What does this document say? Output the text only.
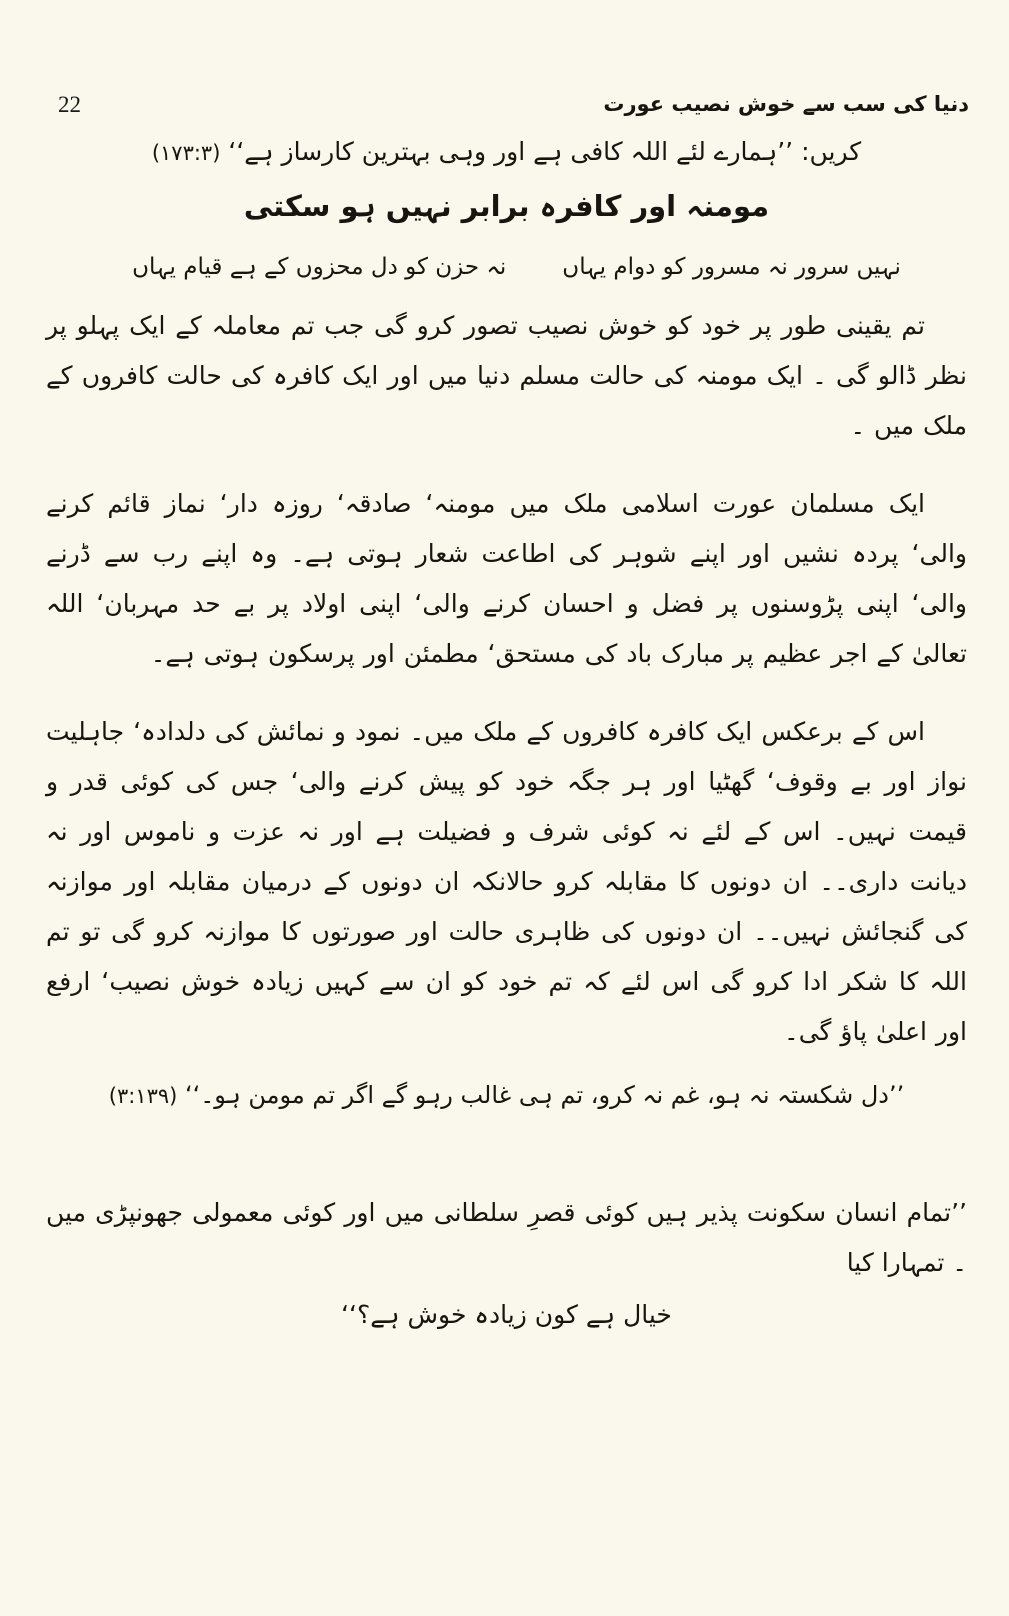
دنیا کی سب سے خوش نصیب عورت
22
کریں: ’’ہمارے لئے اللہ کافی ہے اور وہی بہترین کارساز ہے‘‘ (۱۷۳:۳)
مومنہ اور کافرہ برابر نہیں ہو سکتی
نہیں سرور نہ مسرور کو دوام یہاں
نہ حزن کو دل محزوں کے ہے قیام یہاں

تم یقینی طور پر خود کو خوش نصیب تصور کرو گی جب تم معاملہ کے ایک پہلو پر نظر ڈالو گی ۔ ایک مومنہ کی حالت مسلم دنیا میں اور ایک کافرہ کی حالت کافروں کے ملک میں ۔

ایک مسلمان عورت اسلامی ملک میں مومنہ‘ صادقہ‘ روزہ دار‘ نماز قائم کرنے والی‘ پردہ نشیں اور اپنے شوہر کی اطاعت شعار ہوتی ہے۔ وہ اپنے رب سے ڈرنے والی‘ اپنی پڑوسنوں پر فضل و احسان کرنے والی‘ اپنی اولاد پر بے حد مہربان‘ اللہ تعالیٰ کے اجر عظیم پر مبارک باد کی مستحق‘ مطمئن اور پرسکون ہوتی ہے۔

اس کے برعکس ایک کافرہ کافروں کے ملک میں۔ نمود و نمائش کی دلدادہ‘ جاہلیت نواز اور بے وقوف‘ گھٹیا اور ہر جگہ خود کو پیش کرنے والی‘ جس کی کوئی قدر و قیمت نہیں۔ اس کے لئے نہ کوئی شرف و فضیلت ہے اور نہ عزت و ناموس اور نہ دیانت داری۔۔ ان دونوں کا مقابلہ کرو حالانکہ ان دونوں کے درمیان مقابلہ اور موازنہ کی گنجائش نہیں۔۔ ان دونوں کی ظاہری حالت اور صورتوں کا موازنہ کرو گی تو تم اللہ کا شکر ادا کرو گی اس لئے کہ تم خود کو ان سے کہیں زیادہ خوش نصیب‘ ارفع اور اعلیٰ پاؤ گی۔

’’دل شکستہ نہ ہو، غم نہ کرو، تم ہی غالب رہو گے اگر تم مومن ہو۔‘‘ (۳:۱۳۹)
’’تمام انسان سکونت پذیر ہیں کوئی قصرِ سلطانی میں اور کوئی معمولی جھونپڑی میں ۔ تمہارا کیا
خیال ہے کون زیادہ خوش ہے؟‘‘
